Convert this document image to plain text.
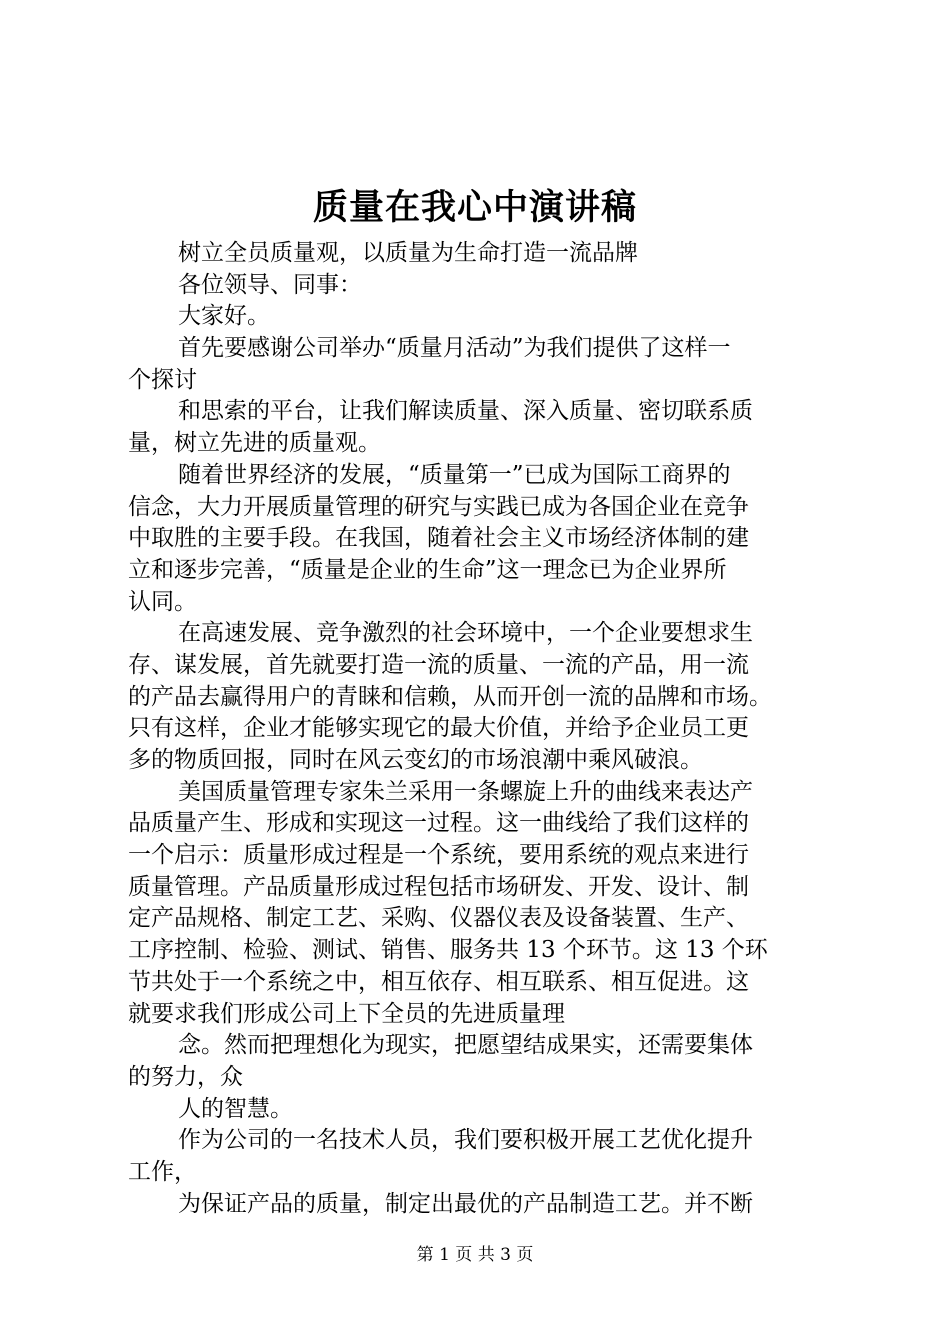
质量在我心中演讲稿
树立全员质量观，以质量为生命打造一流品牌
各位领导、同事：
大家好。
首先要感谢公司举办“质量月活动”为我们提供了这样一
个探讨
和思索的平台，让我们解读质量、深入质量、密切联系质
量，树立先进的质量观。
随着世界经济的发展，“质量第一”已成为国际工商界的
信念，大力开展质量管理的研究与实践已成为各国企业在竞争
中取胜的主要手段。在我国，随着社会主义市场经济体制的建
立和逐步完善，“质量是企业的生命”这一理念已为企业界所
认同。
在高速发展、竞争激烈的社会环境中，一个企业要想求生
存、谋发展，首先就要打造一流的质量、一流的产品，用一流
的产品去赢得用户的青睐和信赖，从而开创一流的品牌和市场。
只有这样，企业才能够实现它的最大价值，并给予企业员工更
多的物质回报，同时在风云变幻的市场浪潮中乘风破浪。
美国质量管理专家朱兰采用一条螺旋上升的曲线来表达产
品质量产生、形成和实现这一过程。这一曲线给了我们这样的
一个启示：质量形成过程是一个系统，要用系统的观点来进行
质量管理。产品质量形成过程包括市场研发、开发、设计、制
定产品规格、制定工艺、采购、仪器仪表及设备装置、生产、
工序控制、检验、测试、销售、服务共 13 个环节。这 13 个环
节共处于一个系统之中，相互依存、相互联系、相互促进。这
就要求我们形成公司上下全员的先进质量理
念。然而把理想化为现实，把愿望结成果实，还需要集体
的努力，众
人的智慧。
作为公司的一名技术人员，我们要积极开展工艺优化提升
工作，
为保证产品的质量，制定出最优的产品制造工艺。并不断
第 1 页 共 3 页
